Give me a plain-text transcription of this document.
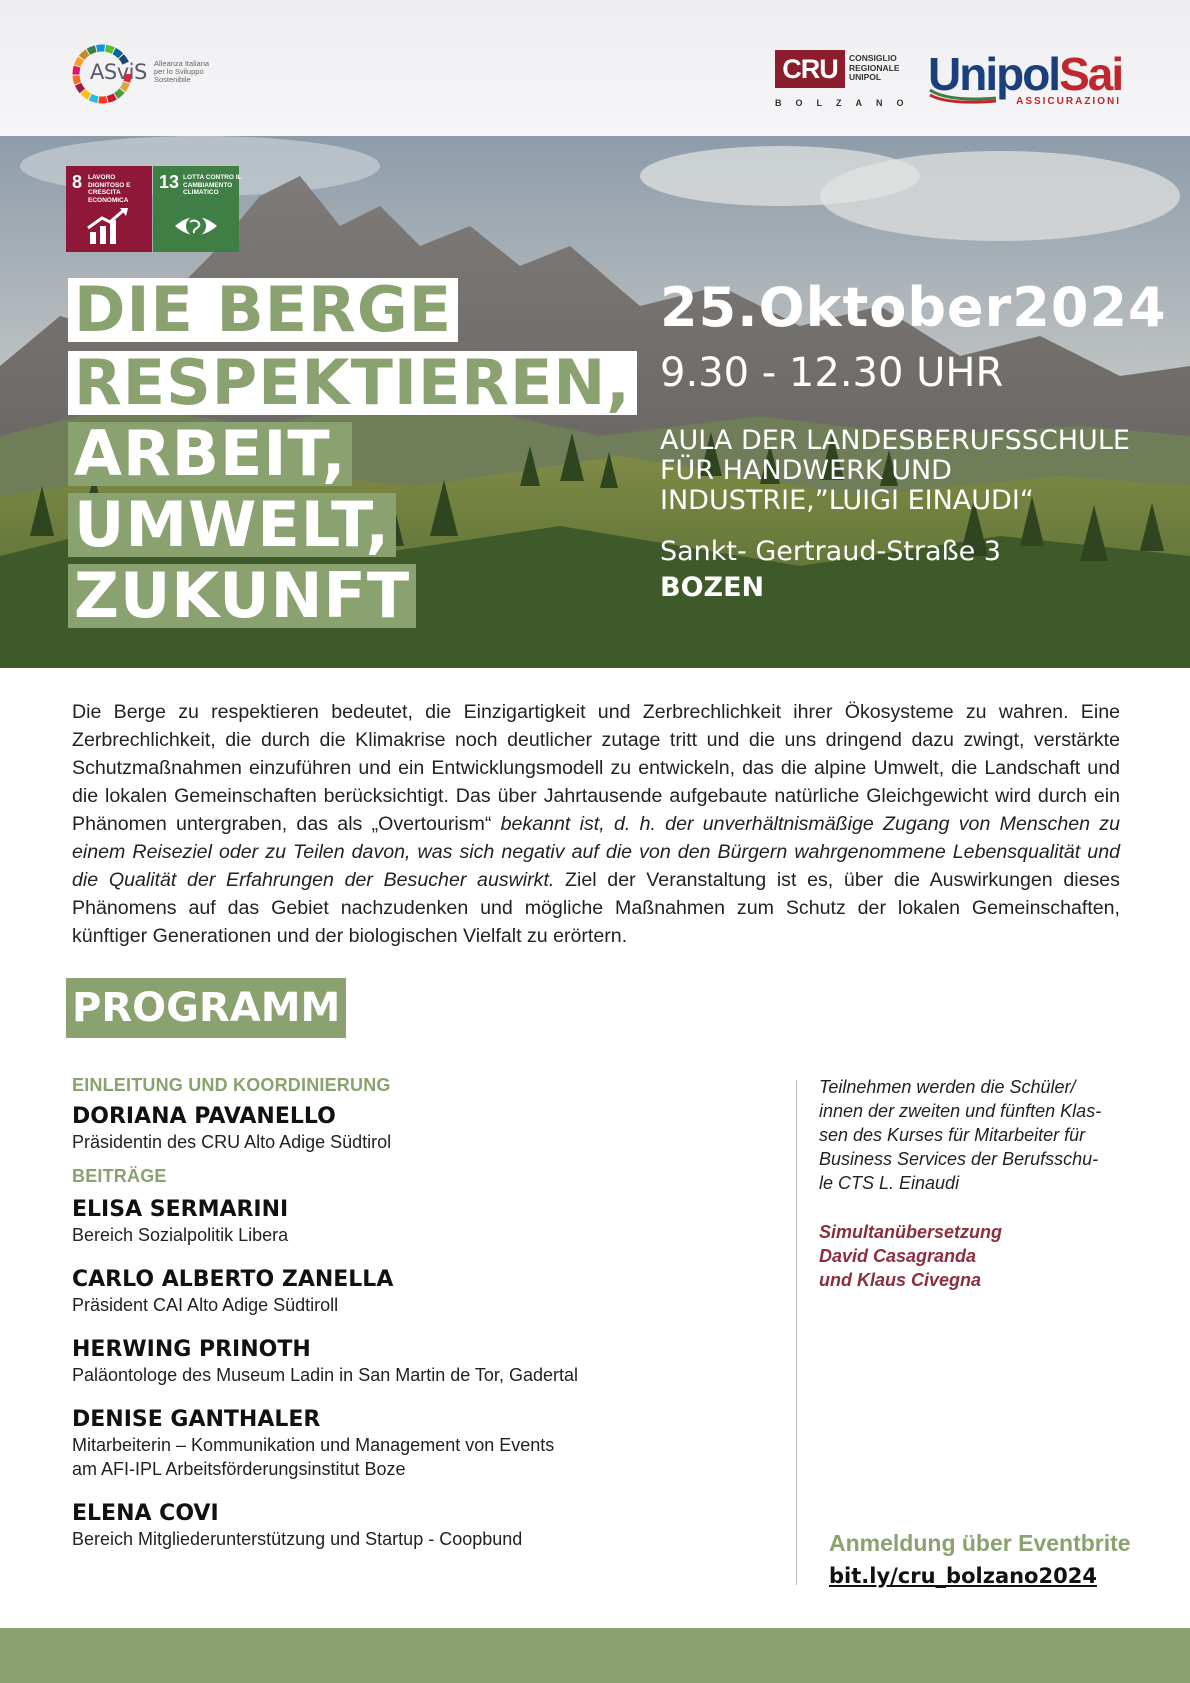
ASviS Alleanza Italiana per lo Sviluppo Sostenibile	CRU	CONSIGLIO
REGIONALE
UNIPOL
BOLZANO
UnipolSai
ASSICURAZIONI
8 LAVORO DIGNITOSO E CRESCITA ECONOMICA
13 LOTTA CONTRO IL CAMBIAMENTO CLIMATICO
DIE BERGE
RESPEKTIEREN,
ARBEIT,
UMWELT,
ZUKUNFT
25.Oktober2024
9.30 - 12.30 UHR
AULA DER LANDESBERUFSSCHULE
FÜR HANDWERK UND
INDUSTRIE,”LUIGI EINAUDI“
Sankt- Gertraud-Straße 3
BOZEN

Die Berge zu respektieren bedeutet, die Einzigartigkeit und Zerbrechlichkeit ihrer Ökosysteme zu wahren. Eine Zerbrechlichkeit, die durch die Klimakrise noch deutlicher zutage tritt und die uns dringend dazu zwingt, verstärkte Schutzmaßnahmen einzuführen und ein Entwicklungsmodell zu entwickeln, das die alpine Umwelt, die Landschaft und die lokalen Gemeinschaften berücksichtigt. Das über Jahrtausende aufgebaute natürliche Gleichgewicht wird durch ein Phänomen untergraben, das als „Overtourism“ bekannt ist, d. h. der unverhältnismäßige Zugang von Menschen zu einem Reiseziel oder zu Teilen davon, was sich negativ auf die von den Bürgern wahrgenommene Lebensqualität und die Qualität der Erfahrungen der Besucher auswirkt. Ziel der Veranstaltung ist es, über die Auswirkungen dieses Phänomens auf das Gebiet nachzudenken und mögliche Maßnahmen zum Schutz der lokalen Gemeinschaften, künftiger Generationen und der biologischen Vielfalt zu erörtern.

PROGRAMM
EINLEITUNG UND KOORDINIERUNG
DORIANA PAVANELLO
Präsidentin des CRU Alto Adige Südtirol
BEITRÄGE
ELISA SERMARINI
Bereich Sozialpolitik Libera
CARLO ALBERTO ZANELLA
Präsident CAI Alto Adige Südtiroll
HERWING PRINOTH
Paläontologe des Museum Ladin in San Martin de Tor, Gadertal
DENISE GANTHALER
Mitarbeiterin – Kommunikation und Management von Events
am AFI-IPL Arbeitsförderungsinstitut Boze
ELENA COVI
Bereich Mitgliederunterstützung und Startup - Coopbund
Teilnehmen werden die Schüler/
innen der zweiten und fünften Klas-
sen des Kurses für Mitarbeiter für
Business Services der Berufsschu-
le CTS L. Einaudi
Simultanübersetzung
David Casagranda
und Klaus Civegna
Anmeldung über Eventbrite
bit.ly/cru_bolzano2024
